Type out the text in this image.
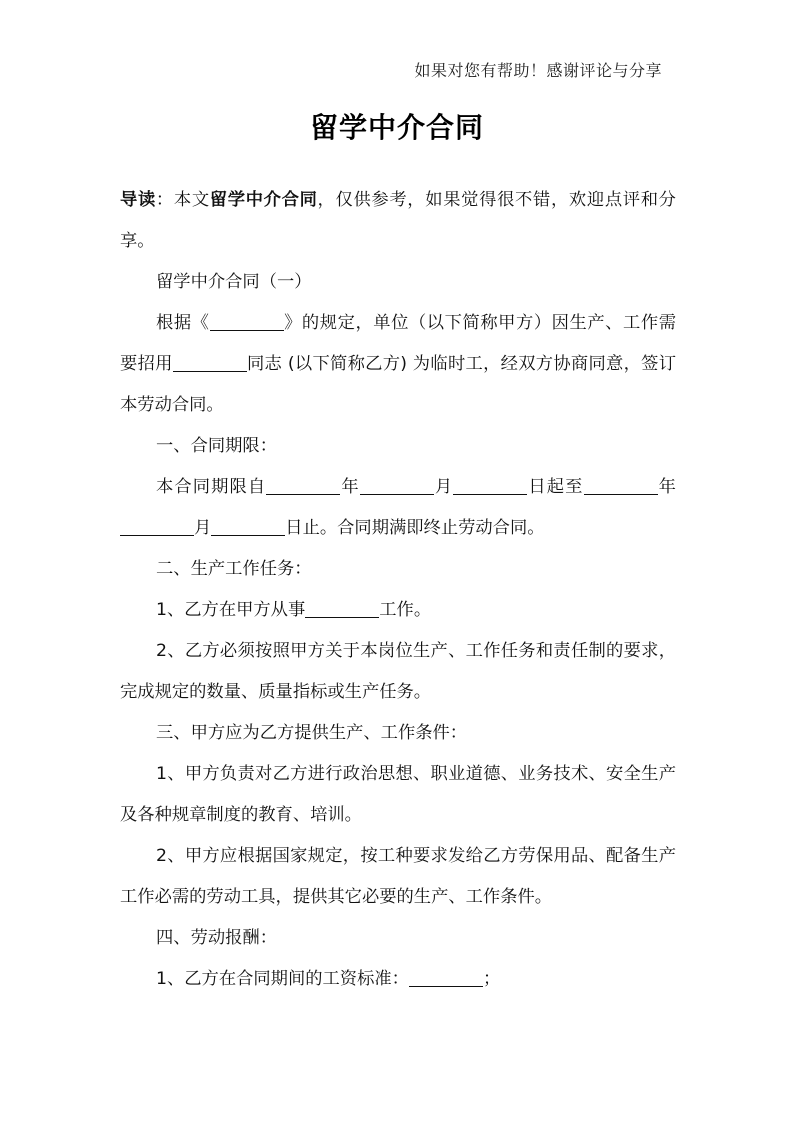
如果对您有帮助！感谢评论与分享
留学中介合同

导读：本文留学中介合同，仅供参考，如果觉得很不错，欢迎点评和分享。

留学中介合同（一）

根据《	》的规定，单位（以下简称甲方）因生产、工作需要招用	同志 (以下简称乙方) 为临时工，经双方协商同意，签订本劳动合同。

一、合同期限：

本合同期限自	年	月	日起至	年月	日止。合同期满即终止劳动合同。

二、生产工作任务：

1、乙方在甲方从事	工作。

2、乙方必须按照甲方关于本岗位生产、工作任务和责任制的要求，完成规定的数量、质量指标或生产任务。

三、甲方应为乙方提供生产、工作条件：

1、甲方负责对乙方进行政治思想、职业道德、业务技术、安全生产及各种规章制度的教育、培训。

2、甲方应根据国家规定，按工种要求发给乙方劳保用品、配备生产工作必需的劳动工具，提供其它必要的生产、工作条件。

四、劳动报酬：

1、乙方在合同期间的工资标准：	；
